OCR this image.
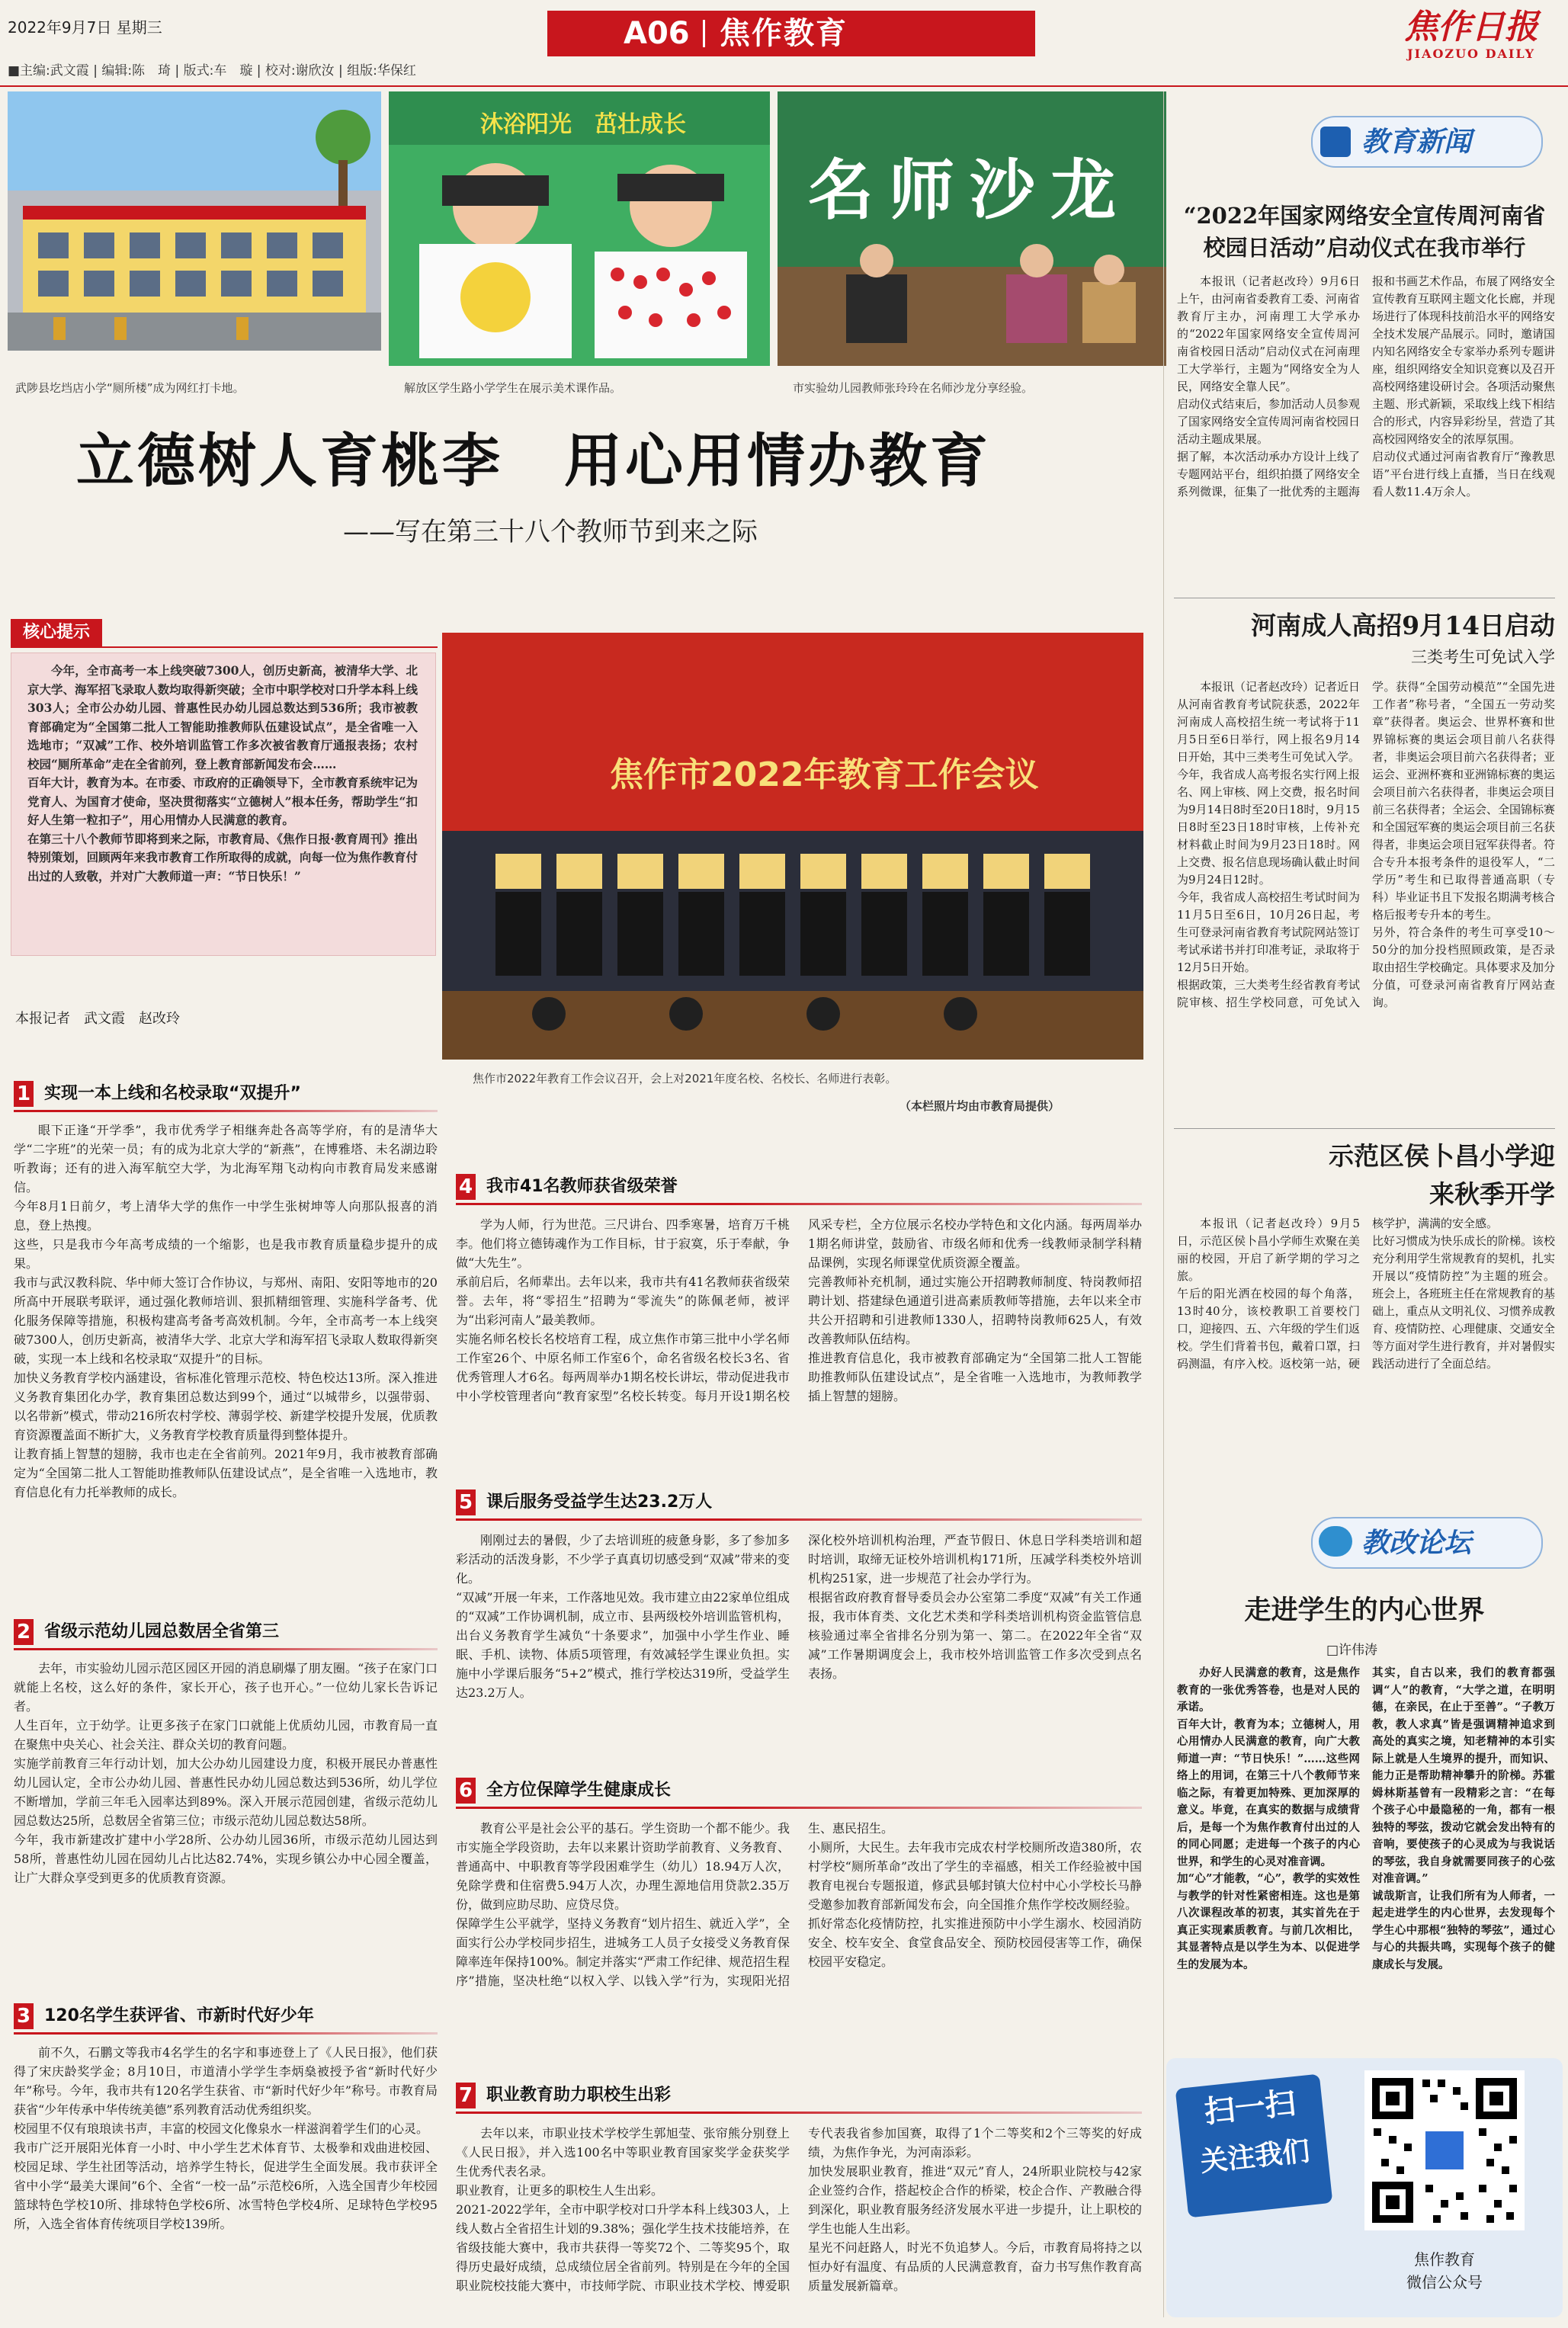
2022年9月7日 星期三
■主编:武文霞 | 编辑:陈　琦 | 版式:车　璇 | 校对:谢欣汝 | 组版:华保红
A06 焦作教育	焦作日报
JIAOZUO DAILY
武陟县圪垱店小学“厕所楼”成为网红打卡地。
沐浴阳光　茁壮成长
解放区学生路小学学生在展示美术课作品。
名师沙龙
市实验幼儿园教师张玲玲在名师沙龙分享经验。
立德树人育桃李　用心用情办教育
——写在第三十八个教师节到来之际
核心提示
今年，全市高考一本上线突破7300人，创历史新高，被清华大学、北京大学、海军招飞录取人数均取得新突破；全市中职学校对口升学本科上线303人；全市公办幼儿园、普惠性民办幼儿园总数达到536所；我市被教育部确定为“全国第二批人工智能助推教师队伍建设试点”，是全省唯一入选地市；“双减”工作、校外培训监管工作多次被省教育厅通报表扬；农村校园“厕所革命”走在全省前列，登上教育部新闻发布会……
百年大计，教育为本。在市委、市政府的正确领导下，全市教育系统牢记为党育人、为国育才使命，坚决贯彻落实“立德树人”根本任务，帮助学生“扣好人生第一粒扣子”，用心用情办人民满意的教育。
在第三十八个教师节即将到来之际，市教育局、《焦作日报·教育周刊》推出特别策划，回顾两年来我市教育工作所取得的成就，向每一位为焦作教育付出过的人致敬，并对广大教师道一声：“节日快乐！”
本报记者　武文霞　赵改玲
焦作市2022年教育工作会议
焦作市2022年教育工作会议召开，会上对2021年度名校、名校长、名师进行表彰。
（本栏照片均由市教育局提供）
1 实现一本上线和名校录取“双提升”
眼下正逢“开学季”，我市优秀学子相继奔赴各高等学府，有的是清华大学“二字班”的光荣一员；有的成为北京大学的“新燕”，在博雅塔、未名湖边聆听教诲；还有的进入海军航空大学，为北海军翔飞动构向市教育局发来感谢信。
今年8月1日前夕，考上清华大学的焦作一中学生张树坤等人向那队报喜的消息，登上热搜。
这些，只是我市今年高考成绩的一个缩影，也是我市教育质量稳步提升的成果。
我市与武汉教科院、华中师大签订合作协议，与郑州、南阳、安阳等地市的20所高中开展联考联评，通过强化教师培训、狠抓精细管理、实施科学备考、优化服务保障等措施，积极构建高考备考高效机制。今年，全市高考一本上线突破7300人，创历史新高，被清华大学、北京大学和海军招飞录取人数取得新突破，实现一本上线和名校录取“双提升”的目标。
加快义务教育学校内涵建设，省标准化管理示范校、特色校达13所。深入推进义务教育集团化办学，教育集团总数达到99个，通过“以城带乡，以强带弱、以名带新”模式，带动216所农村学校、薄弱学校、新建学校提升发展，优质教育资源覆盖面不断扩大，义务教育学校教育质量得到整体提升。
让教育插上智慧的翅膀，我市也走在全省前列。2021年9月，我市被教育部确定为“全国第二批人工智能助推教师队伍建设试点”，是全省唯一入选地市，教育信息化有力托举教师的成长。
2 省级示范幼儿园总数居全省第三
去年，市实验幼儿园示范区园区开园的消息刷爆了朋友圈。“孩子在家门口就能上名校，这么好的条件，家长开心，孩子也开心。”一位幼儿家长告诉记者。
人生百年，立于幼学。让更多孩子在家门口就能上优质幼儿园，市教育局一直在聚焦中央关心、社会关注、群众关切的教育问题。
实施学前教育三年行动计划，加大公办幼儿园建设力度，积极开展民办普惠性幼儿园认定，全市公办幼儿园、普惠性民办幼儿园总数达到536所，幼儿学位不断增加，学前三年毛入园率达到89%。深入开展示范园创建，省级示范幼儿园总数达25所，总数居全省第三位；市级示范幼儿园总数达58所。
今年，我市新建改扩建中小学28所、公办幼儿园36所，市级示范幼儿园达到58所，普惠性幼儿园在园幼儿占比达82.74%，实现乡镇公办中心园全覆盖，让广大群众享受到更多的优质教育资源。
3 120名学生获评省、市新时代好少年
前不久，石鹏文等我市4名学生的名字和事迹登上了《人民日报》，他们获得了宋庆龄奖学金；8月10日，市道清小学学生李炳燊被授予省“新时代好少年”称号。今年，我市共有120名学生获省、市“新时代好少年”称号。市教育局获省“少年传承中华传统美德”系列教育活动优秀组织奖。
校园里不仅有琅琅读书声，丰富的校园文化像泉水一样滋润着学生们的心灵。
我市广泛开展阳光体育一小时、中小学生艺术体育节、太极拳和戏曲进校园、校园足球、学生社团等活动，培养学生特长，促进学生全面发展。我市获评全省中小学“最美大课间”6个、全省“一校一品”示范校6所，入选全国青少年校园篮球特色学校10所、排球特色学校6所、冰雪特色学校4所、足球特色学校95所，入选全省体育传统项目学校139所。
4 我市41名教师获省级荣誉
学为人师，行为世范。三尺讲台、四季寒暑，培育万千桃李。他们将立德铸魂作为工作目标，甘于寂寞，乐于奉献，争做“大先生”。
承前启后，名师辈出。去年以来，我市共有41名教师获省级荣誉。去年，将“零招生”招聘为“零流失”的陈佩老师，被评为“出彩河南人”最美教师。
实施名师名校长名校培育工程，成立焦作市第三批中小学名师工作室26个、中原名师工作室6个，命名省级名校长3名、省优秀管理人才6名。每两周举办1期名校长讲坛，带动促进我市中小学校管理者向“教育家型”名校长转变。每月开设1期名校风采专栏，全方位展示名校办学特色和文化内涵。每两周举办1期名师讲堂，鼓励省、市级名师和优秀一线教师录制学科精品课例，实现名师课堂优质资源全覆盖。
完善教师补充机制，通过实施公开招聘教师制度、特岗教师招聘计划、搭建绿色通道引进高素质教师等措施，去年以来全市共公开招聘和引进教师1330人，招聘特岗教师625人，有效改善教师队伍结构。
推进教育信息化，我市被教育部确定为“全国第二批人工智能助推教师队伍建设试点”，是全省唯一入选地市，为教师教学插上智慧的翅膀。
5 课后服务受益学生达23.2万人
刚刚过去的暑假，少了去培训班的疲惫身影，多了参加多彩活动的活泼身影，不少学子真真切切感受到“双减”带来的变化。
“双减”开展一年来，工作落地见效。我市建立由22家单位组成的“双减”工作协调机制，成立市、县两级校外培训监管机构，出台义务教育学生减负“十条要求”，加强中小学生作业、睡眠、手机、读物、体质5项管理，有效减轻学生课业负担。实施中小学课后服务“5+2”模式，推行学校达319所，受益学生达23.2万人。
深化校外培训机构治理，严查节假日、休息日学科类培训和超时培训，取缔无证校外培训机构171所，压减学科类校外培训机构251家，进一步规范了社会办学行为。
根据省政府教育督导委员会办公室第二季度“双减”有关工作通报，我市体育类、文化艺术类和学科类培训机构资金监管信息核验通过率全省排名分别为第一、第二。在2022年全省“双减”工作暑期调度会上，我市校外培训监管工作多次受到点名表扬。
6 全方位保障学生健康成长
教育公平是社会公平的基石。学生资助一个都不能少。我市实施全学段资助，去年以来累计资助学前教育、义务教育、普通高中、中职教育等学段困难学生（幼儿）18.94万人次，免除学费和住宿费5.94万人次，办理生源地信用贷款2.35万份，做到应助尽助、应贷尽贷。
保障学生公平就学，坚持义务教育“划片招生、就近入学”，全面实行公办学校同步招生，进城务工人员子女接受义务教育保障率连年保持100%。制定并落实“严肃工作纪律、规范招生程序”措施，坚决杜绝“以权入学、以钱入学”行为，实现阳光招生、惠民招生。
小厕所，大民生。去年我市完成农村学校厕所改造380所，农村学校“厕所革命”改出了学生的幸福感，相关工作经验被中国教育电视台专题报道，修武县郇封镇大位村中心小学校长马静受邀参加教育部新闻发布会，向全国推介焦作学校改厕经验。
抓好常态化疫情防控，扎实推进预防中小学生溺水、校园消防安全、校车安全、食堂食品安全、预防校园侵害等工作，确保校园平安稳定。
7 职业教育助力职校生出彩
去年以来，市职业技术学校学生郭旭莹、张帘熊分别登上《人民日报》，并入选100名中等职业教育国家奖学金获奖学生优秀代表名录。
职业教育，让更多的职校生人生出彩。
2021-2022学年，全市中职学校对口升学本科上线303人，上线人数占全省招生计划的9.38%；强化学生技术技能培养，在省级技能大赛中，我市共获得一等奖72个、二等奖95个，取得历史最好成绩，总成绩位居全省前列。特别是在今年的全国职业院校技能大赛中，市技师学院、市职业技术学校、博爱职专代表我省参加国赛，取得了1个二等奖和2个三等奖的好成绩，为焦作争光，为河南添彩。
加快发展职业教育，推进“双元”育人，24所职业院校与42家企业签约合作，搭起校企合作的桥梁，校企合作、产教融合得到深化，职业教育服务经济发展水平进一步提升，让上职校的学生也能人生出彩。
星光不问赶路人，时光不负追梦人。今后，市教育局将持之以恒办好有温度、有品质的人民满意教育，奋力书写焦作教育高质量发展新篇章。
教育新闻
“2022年国家网络安全宣传周河南省校园日活动”启动仪式在我市举行
本报讯（记者赵改玲）9月6日上午，由河南省委教育工委、河南省教育厅主办，河南理工大学承办的“2022年国家网络安全宣传周河南省校园日活动”启动仪式在河南理工大学举行，主题为“网络安全为人民，网络安全靠人民”。
启动仪式结束后，参加活动人员参观了国家网络安全宣传周河南省校园日活动主题成果展。
据了解，本次活动承办方设计上线了专题网站平台，组织拍摄了网络安全系列微课，征集了一批优秀的主题海报和书画艺术作品，布展了网络安全宣传教育互联网主题文化长廊，并现场进行了体现科技前沿水平的网络安全技术发展产品展示。同时，邀请国内知名网络安全专家举办系列专题讲座，组织网络安全知识竞赛以及召开高校网络建设研讨会。各项活动聚焦主题、形式新颖，采取线上线下相结合的形式，内容异彩纷呈，营造了其高校园网络安全的浓厚氛围。
启动仪式通过河南省教育厅“豫教思语”平台进行线上直播，当日在线观看人数11.4万余人。
河南成人高招9月14日启动
三类考生可免试入学
本报讯（记者赵改玲）记者近日从河南省教育考试院获悉，2022年河南成人高校招生统一考试将于11月5日至6日举行，网上报名9月14日开始，其中三类考生可免试入学。
今年，我省成人高考报名实行网上报名、网上审核、网上交费，报名时间为9月14日8时至20日18时，9月15日8时至23日18时审核，上传补充材料截止时间为9月23日18时。网上交费、报名信息现场确认截止时间为9月24日12时。
今年，我省成人高校招生考试时间为11月5日至6日，10月26日起，考生可登录河南省教育考试院网站签订考试承诺书并打印准考证，录取将于12月5日开始。
根据政策，三大类考生经省教育考试院审核、招生学校同意，可免试入学。获得“全国劳动模范”“全国先进工作者”称号者，“全国五一劳动奖章”获得者。奥运会、世界杯赛和世界锦标赛的奥运会项目前八名获得者，非奥运会项目前六名获得者；亚运会、亚洲杯赛和亚洲锦标赛的奥运会项目前六名获得者，非奥运会项目前三名获得者；全运会、全国锦标赛和全国冠军赛的奥运会项目前三名获得者，非奥运会项目冠军获得者。符合专升本报考条件的退役军人，“二学历”考生和已取得普通高职（专科）毕业证书且下发报名期满考核合格后报考专升本的考生。
另外，符合条件的考生可享受10～50分的加分投档照顾政策，是否录取由招生学校确定。具体要求及加分分值，可登录河南省教育厅网站查询。
示范区侯卜昌小学迎来秋季开学
本报讯（记者赵改玲）9月5日，示范区侯卜昌小学师生欢聚在美丽的校园，开启了新学期的学习之旅。
午后的阳光洒在校园的每个角落，13时40分，该校教职工首要校门口，迎接四、五、六年级的学生们返校。学生们背着书包，戴着口罩，扫码测温，有序入校。返校第一站，硬核学护，满满的安全感。
比好习惯成为快乐成长的阶梯。该校充分利用学生常规教育的契机，扎实开展以“疫情防控”为主题的班会。班会上，各班班主任在常规教育的基础上，重点从文明礼仪、习惯养成教育、疫情防控、心理健康、交通安全等方面对学生进行教育，并对暑假实践活动进行了全面总结。
教改论坛
走进学生的内心世界
□许伟涛
办好人民满意的教育，这是焦作教育的一张优秀答卷，也是对人民的承诺。
百年大计，教育为本；立德树人，用心用情办人民满意的教育，向广大教师道一声：“节日快乐！”……这些网络上的用词，在第三十八个教师节来临之际，有着更加特殊、更加深厚的意义。毕竟，在真实的数据与成绩背后，是每一个为焦作教育付出过的人的同心同愿；走进每一个孩子的内心世界，和学生的心灵对准音调。
加“心”才能教，“心”，教学的实效性与教学的针对性紧密相连。这也是第八次课程改革的初衷，其实首先在于真正实现素质教育。与前几次相比，其显著特点是以学生为本、以促进学生的发展为本。
其实，自古以来，我们的教育都强调“人”的教育，“大学之道，在明明德，在亲民，在止于至善”。“子教万教，教人求真”皆是强调精神追求到高处的真实之境，知老精神的本引实际上就是人生境界的提升，而知识、能力正是帮助精神攀升的阶梯。苏霍姆林斯基曾有一段精彩之言：“在每个孩子心中最隐秘的一角，都有一根独特的琴弦，拨动它就会发出特有的音响，要使孩子的心灵成为与我说话的琴弦，我自身就需要同孩子的心弦对准音调。”
诚哉斯言，让我们所有为人师者，一起走进学生的内心世界，去发现每个学生心中那根“独特的琴弦”，通过心与心的共振共鸣，实现每个孩子的健康成长与发展。
扫一扫
关注我们
焦作教育
微信公众号
